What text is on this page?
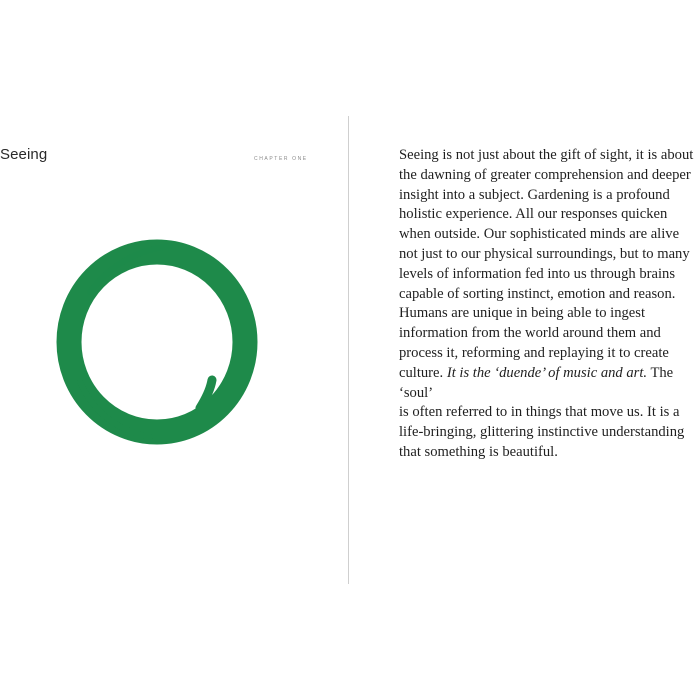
Seeing	CHAPTER ONE	Seeing is not just about the gift of sight, it is about
the dawning of greater comprehension and deeper
insight into a subject. Gardening is a profound
holistic experience. All our responses quicken
when outside. Our sophisticated minds are alive
not just to our physical surroundings, but to many
levels of information fed into us through brains
capable of sorting instinct, emotion and reason.
Humans are unique in being able to ingest
information from the world around them and
process it, reforming and replaying it to create
culture. It is the ‘duende’ of music and art. The ‘soul’
is often referred to in things that move us. It is a
life-bringing, glittering instinctive understanding
that something is beautiful.
